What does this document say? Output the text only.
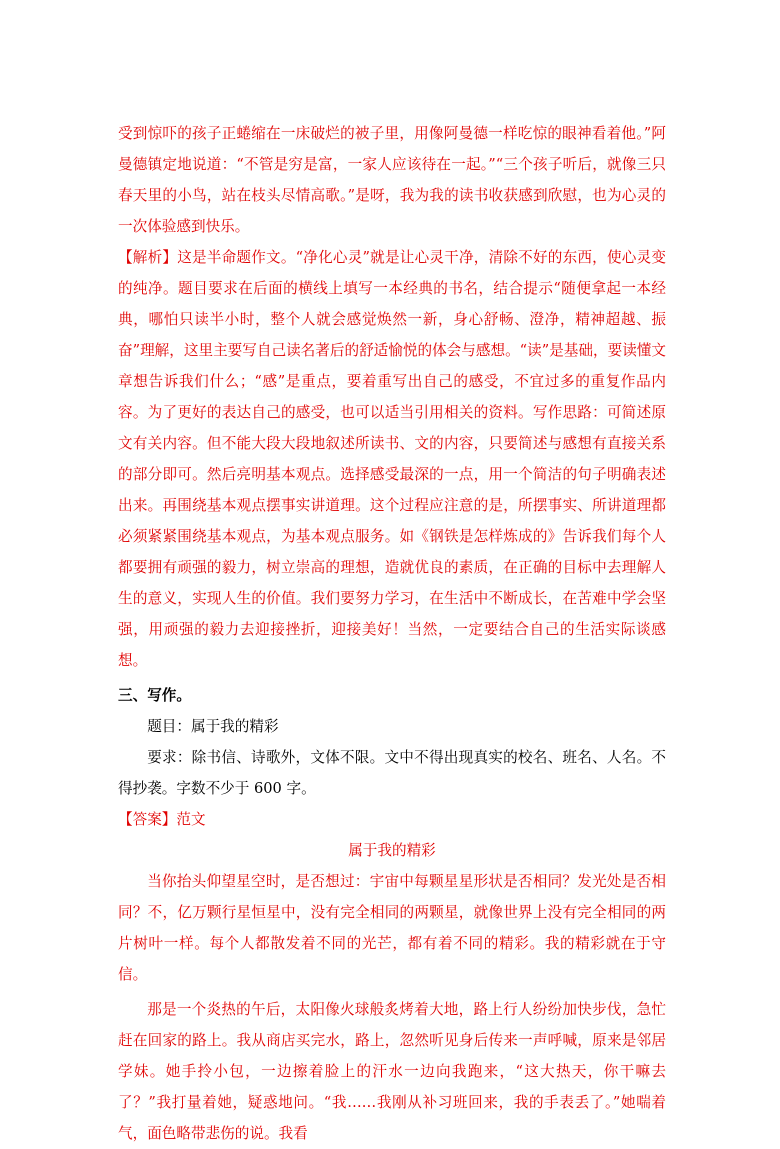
受到惊吓的孩子正蜷缩在一床破烂的被子里，用像阿曼德一样吃惊的眼神看着他。”阿曼德镇定地说道：“不管是穷是富，一家人应该待在一起。”“三个孩子听后，就像三只春天里的小鸟，站在枝头尽情高歌。”是呀，我为我的读书收获感到欣慰，也为心灵的一次体验感到快乐。

【解析】这是半命题作文。“净化心灵”就是让心灵干净，清除不好的东西，使心灵变的纯净。题目要求在后面的横线上填写一本经典的书名，结合提示“随便拿起一本经典，哪怕只读半小时，整个人就会感觉焕然一新，身心舒畅、澄净，精神超越、振奋”理解，这里主要写自己读名著后的舒适愉悦的体会与感想。“读”是基础，要读懂文章想告诉我们什么；“感”是重点，要着重写出自己的感受，不宜过多的重复作品内容。为了更好的表达自己的感受，也可以适当引用相关的资料。写作思路：可简述原文有关内容。但不能大段大段地叙述所读书、文的内容，只要简述与感想有直接关系的部分即可。然后亮明基本观点。选择感受最深的一点，用一个简洁的句子明确表述出来。再围绕基本观点摆事实讲道理。这个过程应注意的是，所摆事实、所讲道理都必须紧紧围绕基本观点，为基本观点服务。如《钢铁是怎样炼成的》告诉我们每个人都要拥有顽强的毅力，树立崇高的理想，造就优良的素质，在正确的目标中去理解人生的意义，实现人生的价值。我们要努力学习，在生活中不断成长，在苦难中学会坚强，用顽强的毅力去迎接挫折，迎接美好！当然，一定要结合自己的生活实际谈感想。

三、写作。

题目：属于我的精彩

要求：除书信、诗歌外，文体不限。文中不得出现真实的校名、班名、人名。不得抄袭。字数不少于 600 字。

【答案】范文

属于我的精彩

当你抬头仰望星空时，是否想过：宇宙中每颗星星形状是否相同？发光处是否相同？不，亿万颗行星恒星中，没有完全相同的两颗星，就像世界上没有完全相同的两片树叶一样。每个人都散发着不同的光芒，都有着不同的精彩。我的精彩就在于守信。

那是一个炎热的午后，太阳像火球般炙烤着大地，路上行人纷纷加快步伐，急忙赶在回家的路上。我从商店买完水，路上，忽然听见身后传来一声呼喊，原来是邻居学妹。她手拎小包，一边擦着脸上的汗水一边向我跑来，“这大热天，你干嘛去了？”我打量着她，疑惑地问。“我……我刚从补习班回来，我的手表丢了。”她喘着气，面色略带悲伤的说。我看
